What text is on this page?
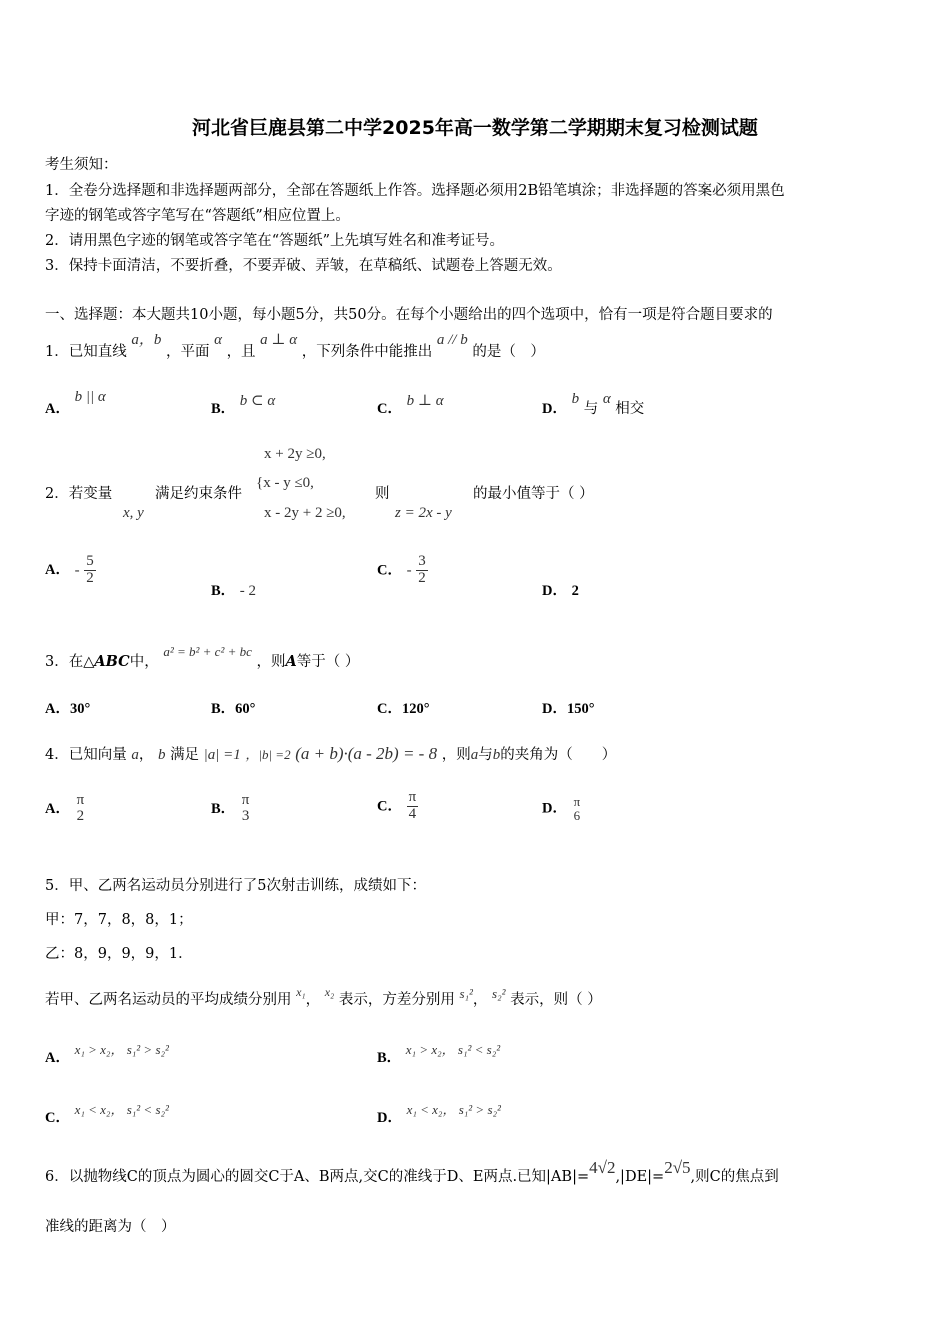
河北省巨鹿县第二中学2025年高一数学第二学期期末复习检测试题
考生须知：
1．全卷分选择题和非选择题两部分，全部在答题纸上作答。选择题必须用2B铅笔填涂；非选择题的答案必须用黑色
字迹的钢笔或答字笔写在“答题纸”相应位置上。
2．请用黑色字迹的钢笔或答字笔在“答题纸”上先填写姓名和准考证号。
3．保持卡面清洁，不要折叠，不要弄破、弄皱，在草稿纸、试题卷上答题无效。
一、选择题：本大题共10小题，每小题5分，共50分。在每个小题给出的四个选项中，恰有一项是符合题目要求的
1．已知直线 a，b ，平面 α ，且 a ⊥ α ，下列条件中能推出 a // b 的是（　）
A． b || α
B． b ⊂ α	C． b ⊥ α	D． b 与 α 相交
x + 2y ≥0,
{x - y ≤0,
x - 2y + 2 ≥0,	z = 2x - y
x, y
2．若变量	满足约束条件	则	的最小值等于（ ）
A． - $\frac{5}{2}$
B． - 2
C． - $\frac{3}{2}$
D． 2
3．在△ABC中， a² = b² + c² + bc ，则A等于（ ）
A．30°	B．60°	C．120°	D．150°
4．已知向量 a， b 满足 |a| =1 ，|b| =2 (a + b)·(a - 2b) = - 8 ，则a与b的夹角为（　　）
A．
π
2	B．
π
3
C． $\frac{\pi}{4}$	D． π
6
5．甲、乙两名运动员分别进行了5次射击训练，成绩如下：
甲：7，7，8，8，1；
乙：8，9，9，9，1．
若甲、乙两名运动员的平均成绩分别用 $^{x_1}$， $^{x_2}$ 表示，方差分别用 s₁²， s₂² 表示，则（ ）
A． x₁ > x₂， s₁² > s₂²
B． x₁ > x₂， s₁² < s₂²
C． x₁ < x₂， s₁² < s₂²
D． x₁ < x₂， s₁² > s₂²
6．以抛物线C的顶点为圆心的圆交C于A、B两点,交C的准线于D、E两点.已知|AB|=4√2,|DE|=2√5,则C的焦点到
准线的距离为（　）
